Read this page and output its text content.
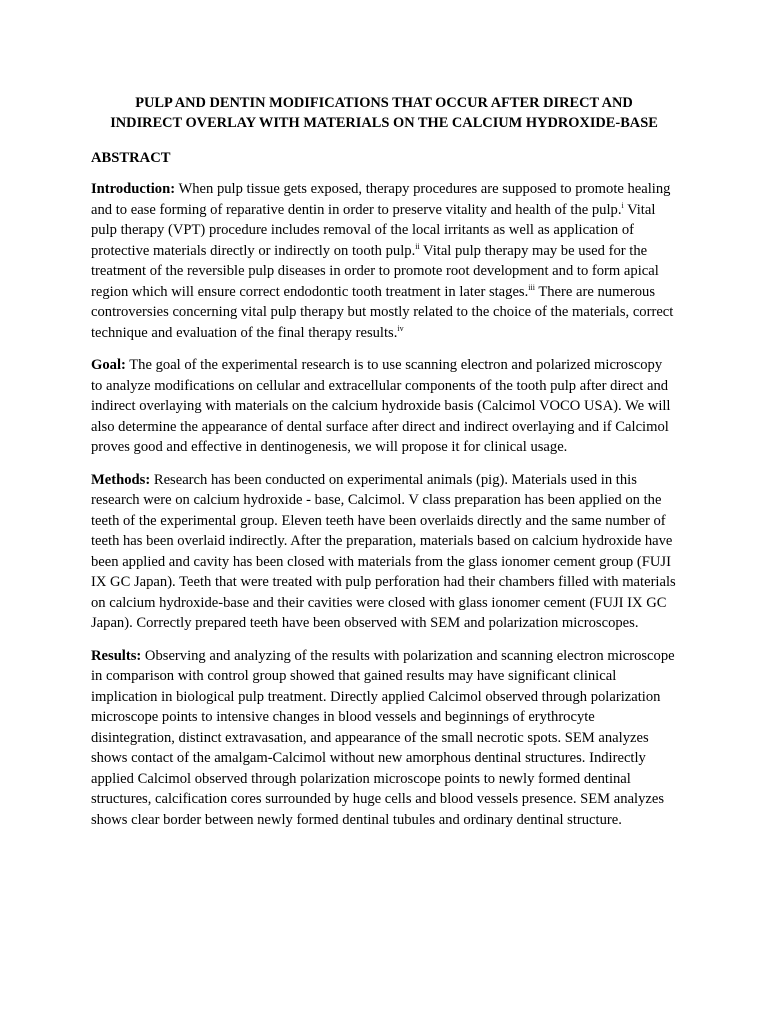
PULP AND DENTIN MODIFICATIONS THAT OCCUR AFTER DIRECT AND
INDIRECT OVERLAY WITH MATERIALS ON THE CALCIUM HYDROXIDE-BASE
ABSTRACT

Introduction: When pulp tissue gets exposed, therapy procedures are supposed to promote healing and to ease forming of reparative dentin in order to preserve vitality and health of the pulp.$^i$ Vital pulp therapy (VPT) procedure includes removal of the local irritants as well as application of protective materials directly or indirectly on tooth pulp.$^{ii}$ Vital pulp therapy may be used for the treatment of the reversible pulp diseases in order to promote root development and to form apical region which will ensure correct endodontic tooth treatment in later stages.$^{iii}$ There are numerous controversies concerning vital pulp therapy but mostly related to the choice of the materials, correct technique and evaluation of the final therapy results.$^{iv}$

Goal: The goal of the experimental research is to use scanning electron and polarized microscopy to analyze modifications on cellular and extracellular components of the tooth pulp after direct and indirect overlaying with materials on the calcium hydroxide basis (Calcimol VOCO USA). We will also determine the appearance of dental surface after direct and indirect overlaying and if Calcimol proves good and effective in dentinogenesis, we will propose it for clinical usage.

Methods: Research has been conducted on experimental animals (pig). Materials used in this research were on calcium hydroxide - base, Calcimol. V class preparation has been applied on the teeth of the experimental group. Eleven teeth have been overlaids directly and the same number of teeth has been overlaid indirectly. After the preparation, materials based on calcium hydroxide have been applied and cavity has been closed with materials from the glass ionomer cement group (FUJI IX GC Japan). Teeth that were treated with pulp perforation had their chambers filled with materials on calcium hydroxide-base and their cavities were closed with glass ionomer cement (FUJI IX GC Japan). Correctly prepared teeth have been observed with SEM and polarization microscopes.

Results: Observing and analyzing of the results with polarization and scanning electron microscope in comparison with control group showed that gained results may have significant clinical implication in biological pulp treatment. Directly applied Calcimol observed through polarization microscope points to intensive changes in blood vessels and beginnings of erythrocyte disintegration, distinct extravasation, and appearance of the small necrotic spots. SEM analyzes shows contact of the amalgam-Calcimol without new amorphous dentinal structures. Indirectly applied Calcimol observed through polarization microscope points to newly formed dentinal structures, calcification cores surrounded by huge cells and blood vessels presence. SEM analyzes shows clear border between newly formed dentinal tubules and ordinary dentinal structure.
